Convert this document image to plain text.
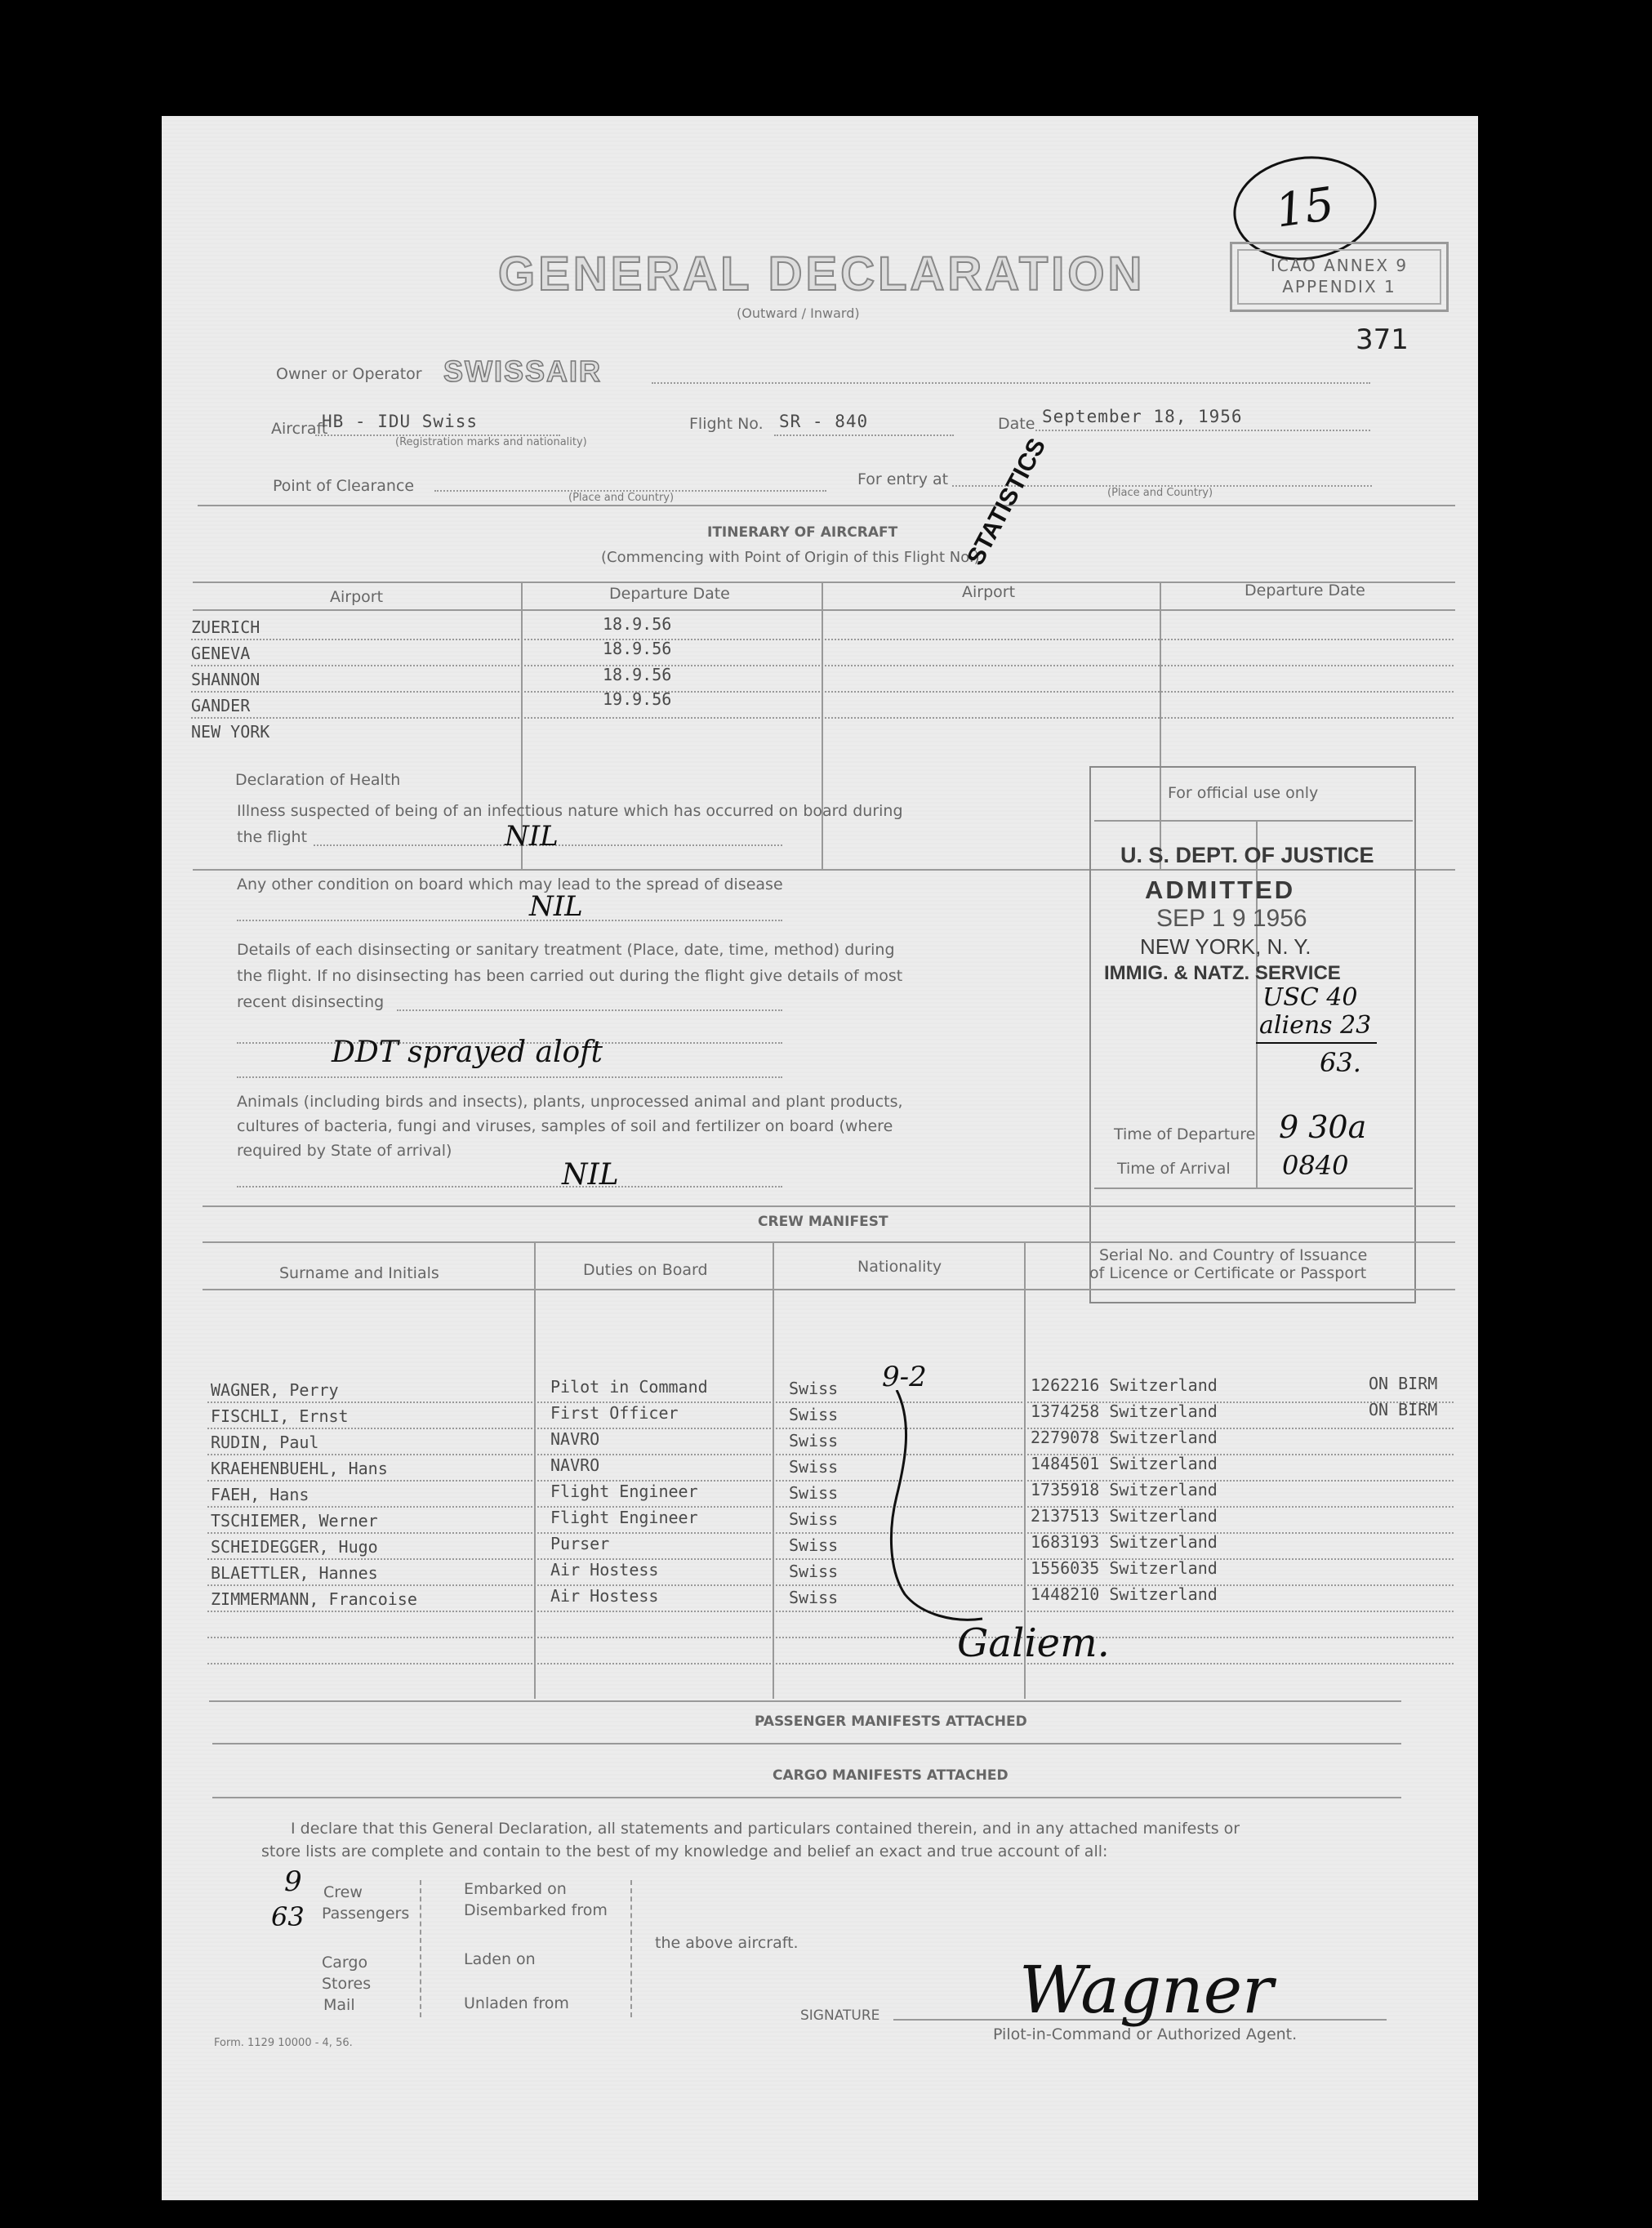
15
GENERAL DECLARATION
(Outward / Inward)
ICAO ANNEX 9
APPENDIX 1
371
Owner or Operator SWISSAIR
Aircraft
HB - IDU Swiss
(Registration marks and nationality)
Flight No. SR - 840	Date September 18, 1956
Point of Clearance
(Place and Country)
For entry at
(Place and Country)
ITINERARY OF AIRCRAFT
(Commencing with Point of Origin of this Flight No.)
STATISTICS
Airport	Departure Date	Airport	Departure Date
ZUERICH	18.9.56
GENEVA	18.9.56
SHANNON	18.9.56
GANDER	19.9.56
NEW YORK
Declaration of Health
Illness suspected of being of an infectious nature which has occurred on board during
the flight	NIL
Any other condition on board which may lead to the spread of disease
NIL
Details of each disinsecting or sanitary treatment (Place, date, time, method) during
the flight. If no disinsecting has been carried out during the flight give details of most
recent disinsecting
DDT sprayed aloft
Animals (including birds and insects), plants, unprocessed animal and plant products,
cultures of bacteria, fungi and viruses, samples of soil and fertilizer on board (where
required by State of arrival)
NIL
For official use only
U. S. DEPT. OF JUSTICE
ADMITTED
SEP 1 9 1956
NEW YORK, N. Y.
IMMIG. & NATZ. SERVICE
USC 40
aliens 23
63.
Time of Departure 9 30a
Time of Arrival 0840
CREW MANIFEST
Surname and Initials	Duties on Board	Nationality
Serial No. and Country of Issuance
of Licence or Certificate or Passport
WAGNER, Perry	Pilot in Command	Swiss	1262216 Switzerland	ON BIRM
FISCHLI, Ernst	First Officer	Swiss	1374258 Switzerland	ON BIRM
RUDIN, Paul	NAVRO	Swiss	2279078 Switzerland
KRAEHENBUEHL, Hans	NAVRO	Swiss	1484501 Switzerland
FAEH, Hans	Flight Engineer	Swiss	1735918 Switzerland
TSCHIEMER, Werner	Flight Engineer	Swiss	2137513 Switzerland
SCHEIDEGGER, Hugo	Purser	Swiss	1683193 Switzerland
BLAETTLER, Hannes	Air Hostess	Swiss	1556035 Switzerland
ZIMMERMANN, Francoise	Air Hostess	Swiss	1448210 Switzerland
9-2
Galiem.
PASSENGER MANIFESTS ATTACHED
CARGO MANIFESTS ATTACHED
I declare that this General Declaration, all statements and particulars contained therein, and in any attached manifests or
store lists are complete and contain to the best of my knowledge and belief an exact and true account of all:
9
63
Crew
Passengers
Cargo
Stores
Mail
Embarked on
Disembarked from
Laden on
Unladen from
the above aircraft.
SIGNATURE Wagner
Pilot-in-Command or Authorized Agent.
Form. 1129 10000 - 4, 56.
